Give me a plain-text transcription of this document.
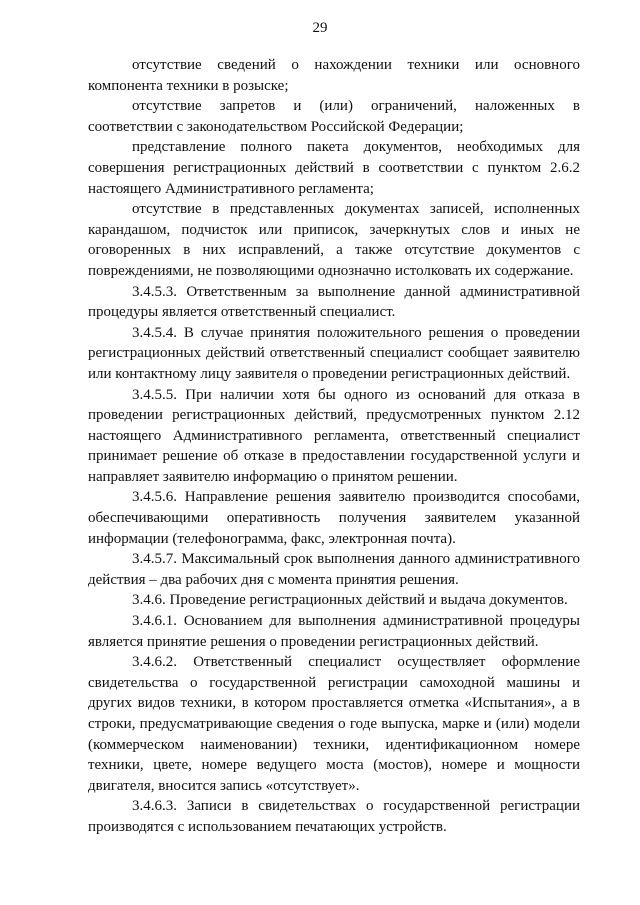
29

отсутствие сведений о нахождении техники или основного компонента техники в розыске;

отсутствие запретов и (или) ограничений, наложенных в соответствии с законодательством Российской Федерации;

представление полного пакета документов, необходимых для совершения регистрационных действий в соответствии с пунктом 2.6.2 настоящего Административного регламента;

отсутствие в представленных документах записей, исполненных карандашом, подчисток или приписок, зачеркнутых слов и иных не оговоренных в них исправлений, а также отсутствие документов с повреждениями, не позволяющими однозначно истолковать их содержание.

3.4.5.3. Ответственным за выполнение данной административной процедуры является ответственный специалист.

3.4.5.4. В случае принятия положительного решения о проведении регистрационных действий ответственный специалист сообщает заявителю или контактному лицу заявителя о проведении регистрационных действий.

3.4.5.5. При наличии хотя бы одного из оснований для отказа в проведении регистрационных действий, предусмотренных пунктом 2.12 настоящего Административного регламента, ответственный специалист принимает решение об отказе в предоставлении государственной услуги и направляет заявителю информацию о принятом решении.

3.4.5.6. Направление решения заявителю производится способами, обеспечивающими оперативность получения заявителем указанной информации (телефонограмма, факс, электронная почта).

3.4.5.7. Максимальный срок выполнения данного административного действия – два рабочих дня с момента принятия решения.

3.4.6. Проведение регистрационных действий и выдача документов.

3.4.6.1. Основанием для выполнения административной процедуры является принятие решения о проведении регистрационных действий.

3.4.6.2. Ответственный специалист осуществляет оформление свидетельства о государственной регистрации самоходной машины и других видов техники, в котором проставляется отметка «Испытания», а в строки, предусматривающие сведения о годе выпуска, марке и (или) модели (коммерческом наименовании) техники, идентификационном номере техники, цвете, номере ведущего моста (мостов), номере и мощности двигателя, вносится запись «отсутствует».

3.4.6.3. Записи в свидетельствах о государственной регистрации производятся с использованием печатающих устройств.
